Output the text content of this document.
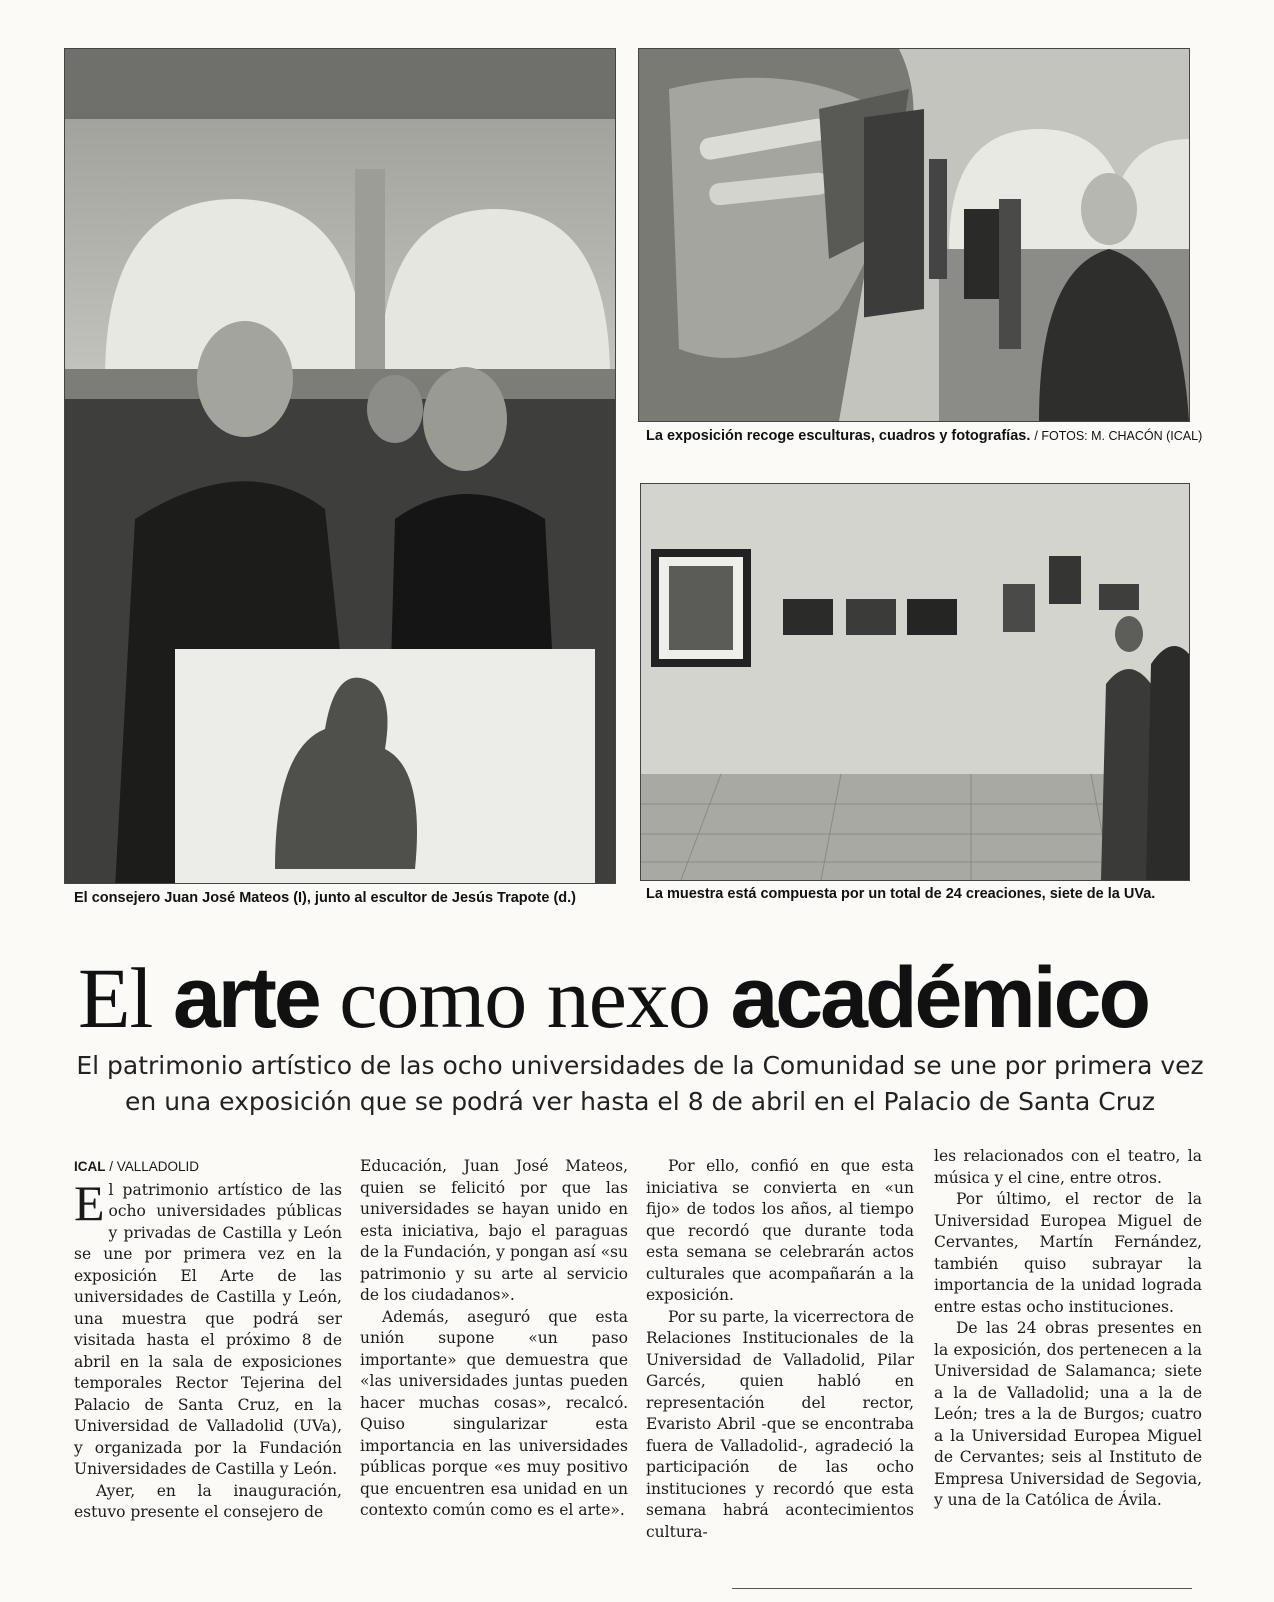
El consejero Juan José Mateos (I), junto al escultor de Jesús Trapote (d.)
La exposición recoge esculturas, cuadros y fotografías. / FOTOS: M. CHACÓN (ICAL)
La muestra está compuesta por un total de 24 creaciones, siete de la UVa.
El arte como nexo académico
El patrimonio artístico de las ocho universidades de la Comunidad se une por primera vez en una exposición que se podrá ver hasta el 8 de abril en el Palacio de Santa Cruz
ICAL / VALLADOLID

El patrimonio artístico de las ocho universidades públicas y privadas de Castilla y León se une por primera vez en la exposición El Arte de las universidades de Castilla y León, una muestra que podrá ser visitada hasta el próximo 8 de abril en la sala de exposiciones temporales Rector Tejerina del Palacio de Santa Cruz, en la Universidad de Valladolid (UVa), y organizada por la Fundación Universidades de Castilla y León.

Ayer, en la inauguración, estuvo presente el consejero de

Educación, Juan José Mateos, quien se felicitó por que las universidades se hayan unido en esta iniciativa, bajo el paraguas de la Fundación, y pongan así «su patrimonio y su arte al servicio de los ciudadanos».

Además, aseguró que esta unión supone «un paso importante» que demuestra que «las universidades juntas pueden hacer muchas cosas», recalcó. Quiso singularizar esta importancia en las universidades públicas porque «es muy positivo que encuentren esa unidad en un contexto común como es el arte».

Por ello, confió en que esta iniciativa se convierta en «un fijo» de todos los años, al tiempo que recordó que durante toda esta semana se celebrarán actos culturales que acompañarán a la exposición.

Por su parte, la vicerrectora de Relaciones Institucionales de la Universidad de Valladolid, Pilar Garcés, quien habló en representación del rector, Evaristo Abril -que se encontraba fuera de Valladolid-, agradeció la participación de las ocho instituciones y recordó que esta semana habrá acontecimientos cultura-

les relacionados con el teatro, la música y el cine, entre otros.

Por último, el rector de la Universidad Europea Miguel de Cervantes, Martín Fernández, también quiso subrayar la importancia de la unidad lograda entre estas ocho instituciones.

De las 24 obras presentes en la exposición, dos pertenecen a la Universidad de Salamanca; siete a la de Valladolid; una a la de León; tres a la de Burgos; cuatro a la Universidad Europea Miguel de Cervantes; seis al Instituto de Empresa Universidad de Segovia, y una de la Católica de Ávila.
